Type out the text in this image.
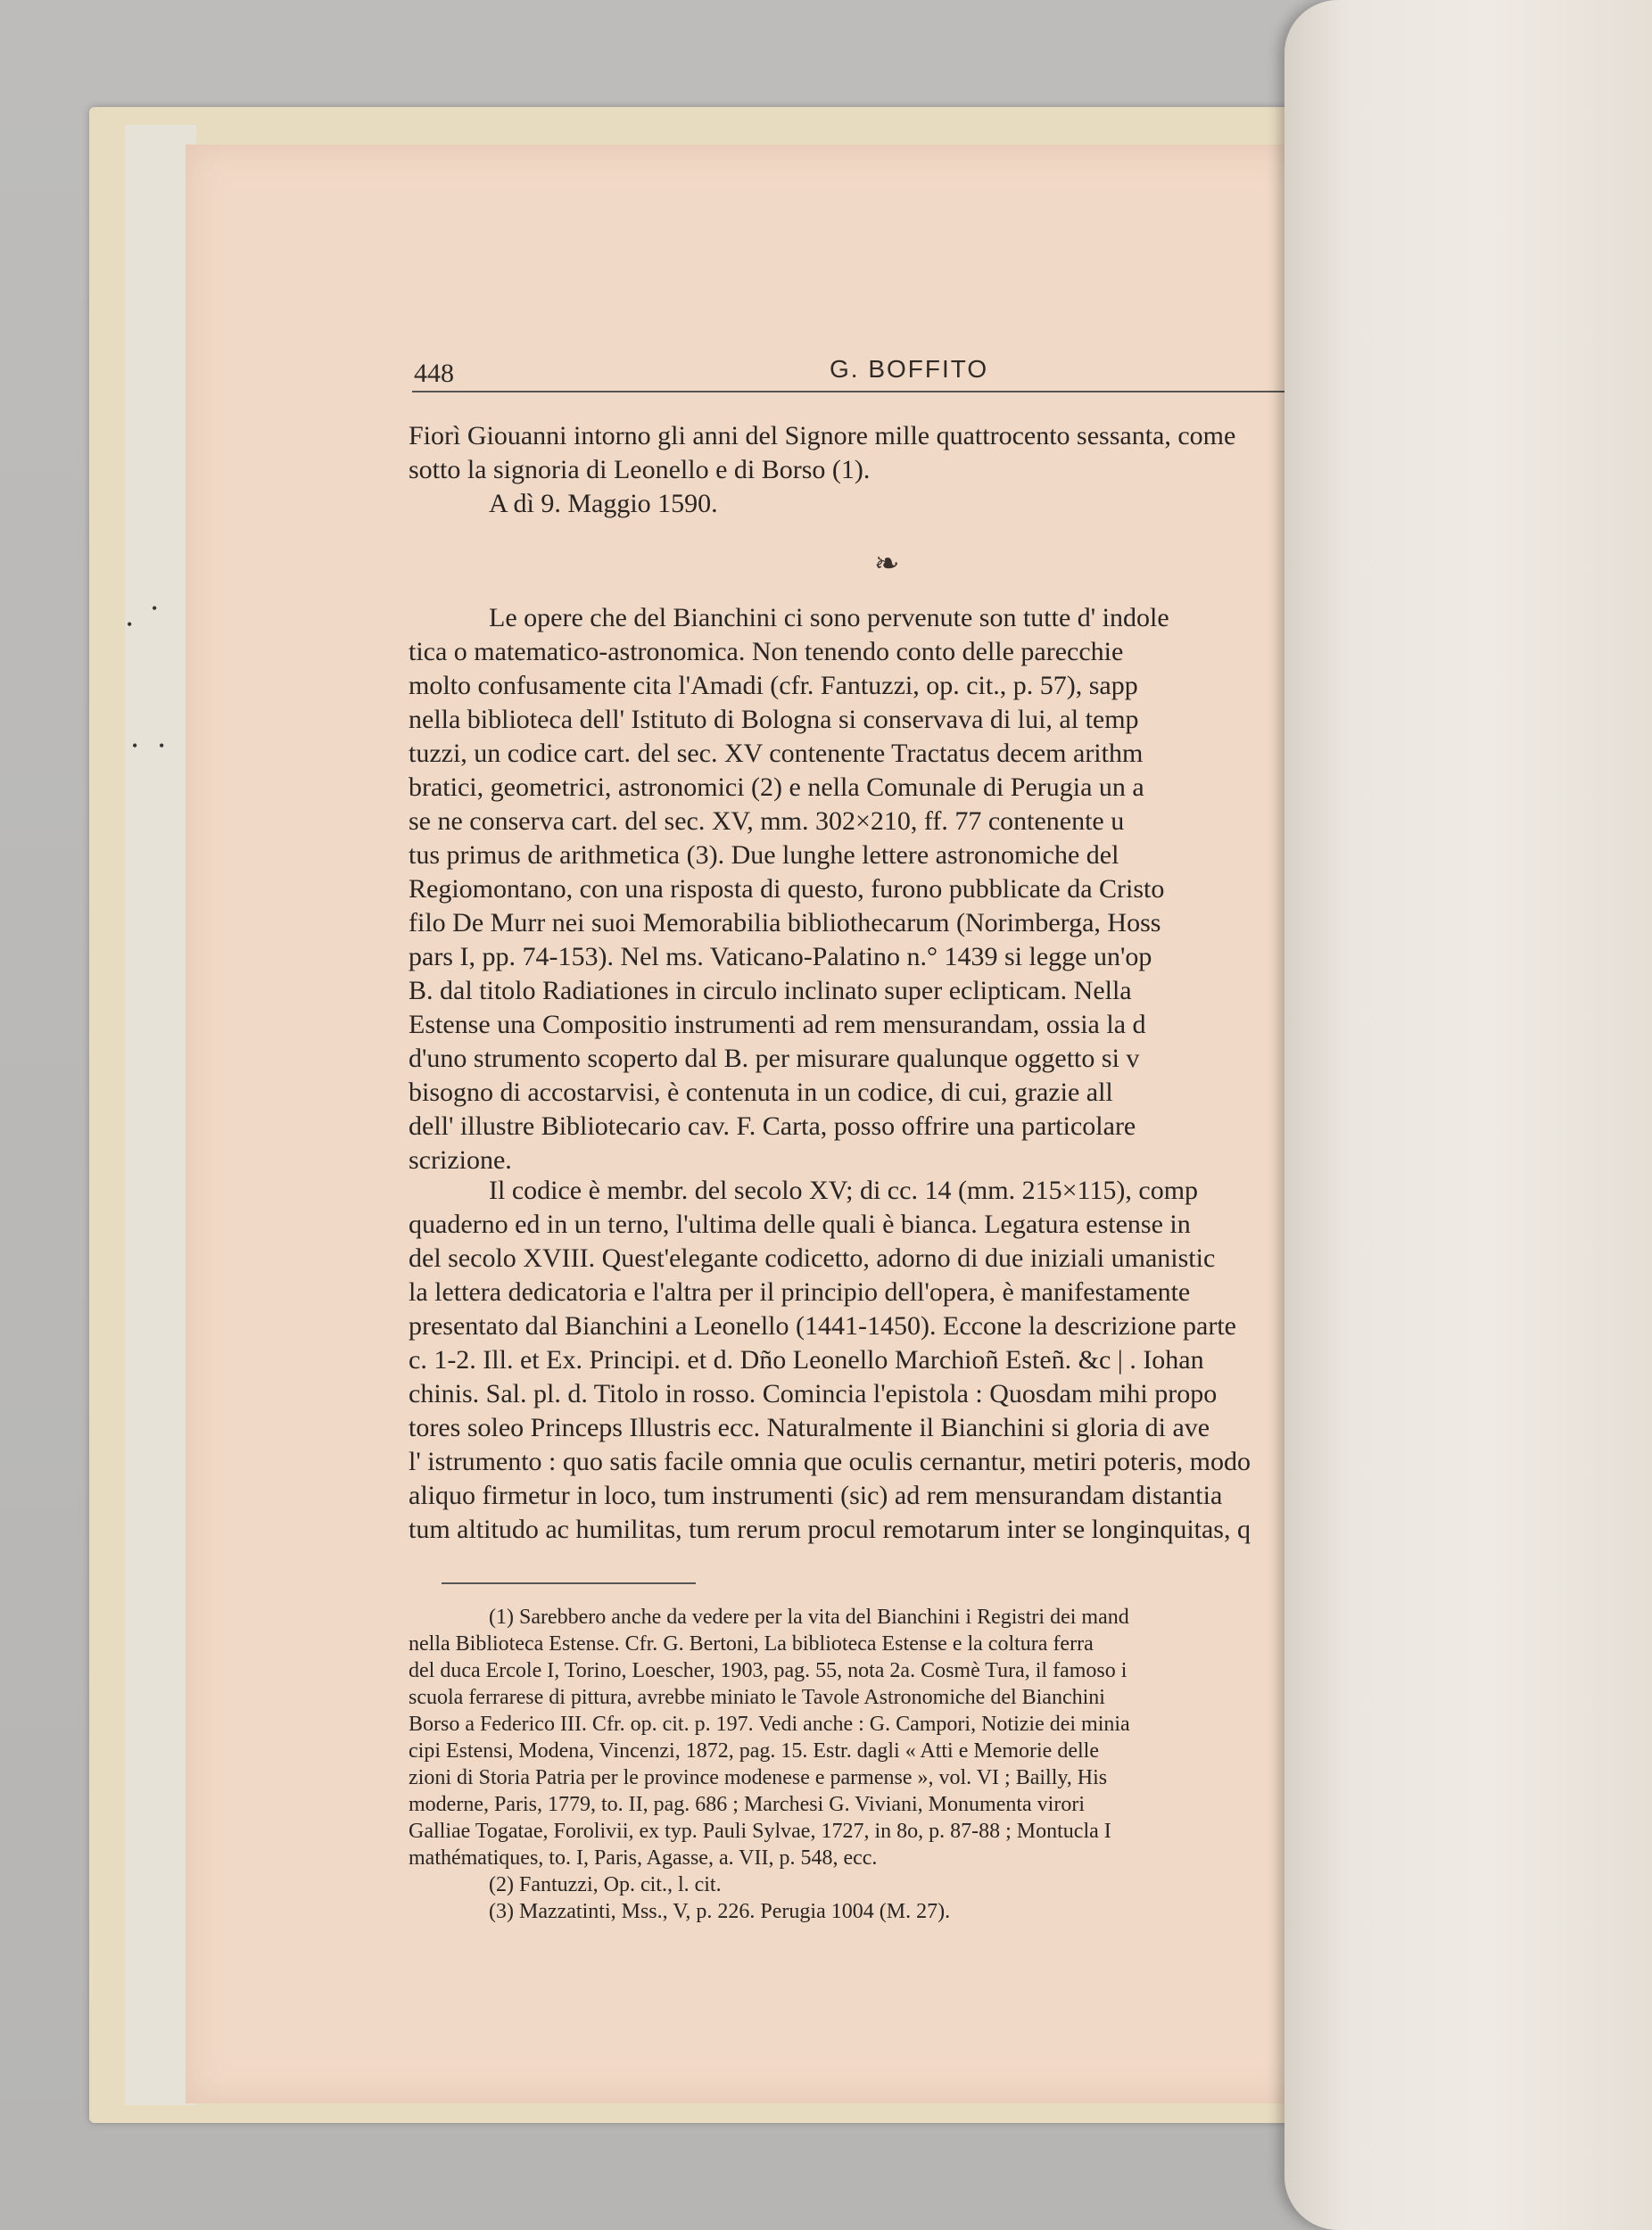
•
•
• •
448	G. BOFFITO
Fiorì Giouanni intorno gli anni del Signore mille quattrocento sessanta, come
sotto la signoria di Leonello e di Borso (1).
A dì 9. Maggio 1590.
❧
Le opere che del Bianchini ci sono pervenute son tutte d' indole
tica o matematico-astronomica. Non tenendo conto delle parecchie
molto confusamente cita l'Amadi (cfr. Fantuzzi, op. cit., p. 57), sapp
nella biblioteca dell' Istituto di Bologna si conservava di lui, al temp
tuzzi, un codice cart. del sec. XV contenente Tractatus decem arithm
bratici, geometrici, astronomici (2) e nella Comunale di Perugia un a
se ne conserva cart. del sec. XV, mm. 302×210, ff. 77 contenente u
tus primus de arithmetica (3). Due lunghe lettere astronomiche del
Regiomontano, con una risposta di questo, furono pubblicate da Cristo
filo De Murr nei suoi Memorabilia bibliothecarum (Norimberga, Hoss
pars I, pp. 74-153). Nel ms. Vaticano-Palatino n.° 1439 si legge un'op
B. dal titolo Radiationes in circulo inclinato super eclipticam. Nella
Estense una Compositio instrumenti ad rem mensurandam, ossia la d
d'uno strumento scoperto dal B. per misurare qualunque oggetto si v
bisogno di accostarvisi, è contenuta in un codice, di cui, grazie all
dell' illustre Bibliotecario cav. F. Carta, posso offrire una particolare
scrizione.
Il codice è membr. del secolo XV; di cc. 14 (mm. 215×115), comp
quaderno ed in un terno, l'ultima delle quali è bianca. Legatura estense in
del secolo XVIII. Quest'elegante codicetto, adorno di due iniziali umanistic
la lettera dedicatoria e l'altra per il principio dell'opera, è manifestamente
presentato dal Bianchini a Leonello (1441-1450). Eccone la descrizione parte
c. 1-2. Ill. et Ex. Principi. et d. Dño Leonello Marchioñ Esteñ. &c | . Iohan
chinis. Sal. pl. d. Titolo in rosso. Comincia l'epistola : Quosdam mihi propo
tores soleo Princeps Illustris ecc. Naturalmente il Bianchini si gloria di ave
l' istrumento : quo satis facile omnia que oculis cernantur, metiri poteris, modo
aliquo firmetur in loco, tum instrumenti (sic) ad rem mensurandam distantia
tum altitudo ac humilitas, tum rerum procul remotarum inter se longinquitas, q
(1) Sarebbero anche da vedere per la vita del Bianchini i Registri dei mand
nella Biblioteca Estense. Cfr. G. Bertoni, La biblioteca Estense e la coltura ferra
del duca Ercole I, Torino, Loescher, 1903, pag. 55, nota 2a. Cosmè Tura, il famoso i
scuola ferrarese di pittura, avrebbe miniato le Tavole Astronomiche del Bianchini
Borso a Federico III. Cfr. op. cit. p. 197. Vedi anche : G. Campori, Notizie dei minia
cipi Estensi, Modena, Vincenzi, 1872, pag. 15. Estr. dagli « Atti e Memorie delle
zioni di Storia Patria per le province modenese e parmense », vol. VI ; Bailly, His
moderne, Paris, 1779, to. II, pag. 686 ; Marchesi G. Viviani, Monumenta virori
Galliae Togatae, Forolivii, ex typ. Pauli Sylvae, 1727, in 8o, p. 87-88 ; Montucla I
mathématiques, to. I, Paris, Agasse, a. VII, p. 548, ecc.
(2) Fantuzzi, Op. cit., l. cit.
(3) Mazzatinti, Mss., V, p. 226. Perugia 1004 (M. 27).
